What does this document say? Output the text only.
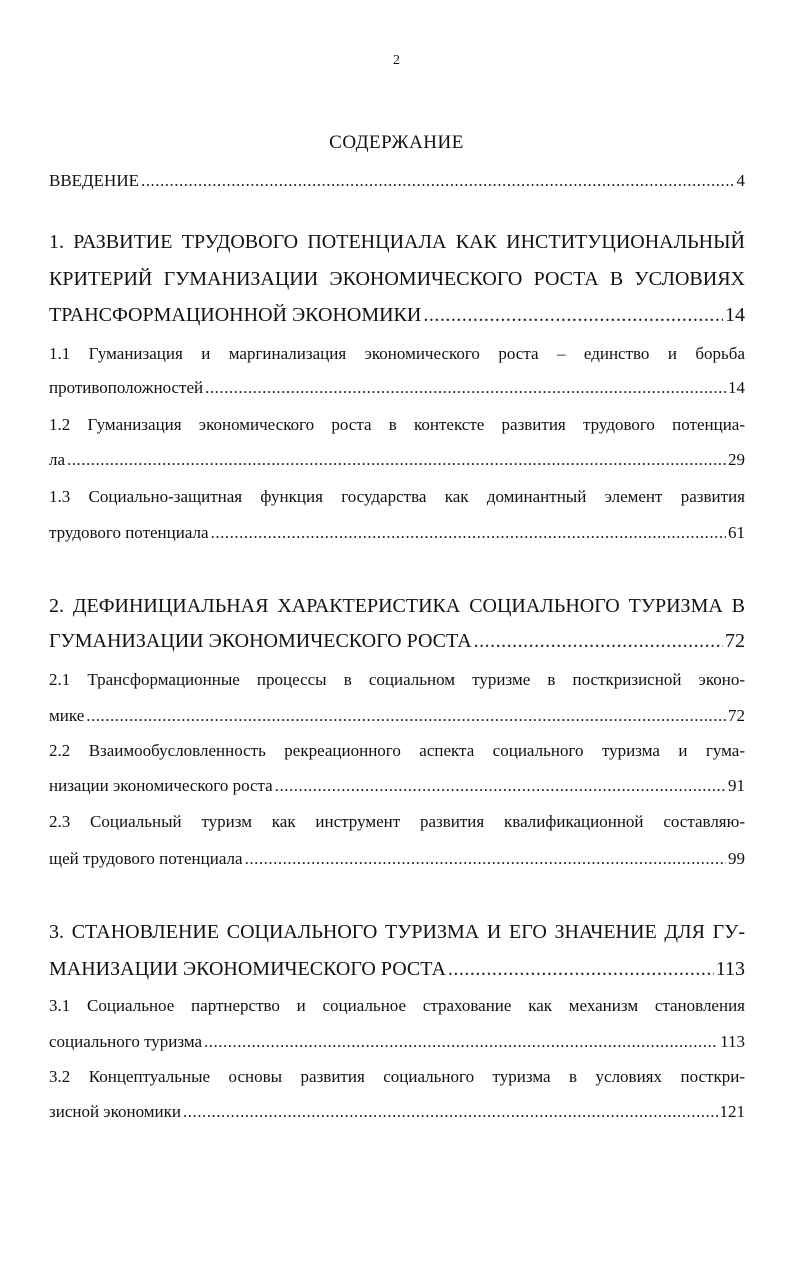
2
СОДЕРЖАНИЕ
ВВЕДЕНИЕ .....	4
1. РАЗВИТИЕ ТРУДОВОГО ПОТЕНЦИАЛА КАК ИНСТИТУЦИОНАЛЬНЫЙ
КРИТЕРИЙ ГУМАНИЗАЦИИ ЭКОНОМИЧЕСКОГО РОСТА В УСЛОВИЯХ
ТРАНСФОРМАЦИОННОЙ ЭКОНОМИКИ .....	14
1.1 Гуманизация и маргинализация экономического роста – единство и борьба
противоположностей .....	14
1.2 Гуманизация экономического роста в контексте развития трудового потенциа-
ла .....	29
1.3 Социально-защитная функция государства как доминантный элемент развития
трудового потенциала .....	61
2. ДЕФИНИЦИАЛЬНАЯ ХАРАКТЕРИСТИКА СОЦИАЛЬНОГО ТУРИЗМА В
ГУМАНИЗАЦИИ ЭКОНОМИЧЕСКОГО РОСТА .....	72
2.1 Трансформационные процессы в социальном туризме в посткризисной эконо-
мике .....	72
2.2 Взаимообусловленность рекреационного аспекта социального туризма и гума-
низации экономического роста .....	91
2.3 Социальный туризм как инструмент развития квалификационной составляю-
щей трудового потенциала .....	99
3. СТАНОВЛЕНИЕ СОЦИАЛЬНОГО ТУРИЗМА И ЕГО ЗНАЧЕНИЕ ДЛЯ ГУ-
МАНИЗАЦИИ ЭКОНОМИЧЕСКОГО РОСТА .....	113
3.1 Социальное партнерство и социальное страхование как механизм становления
социального туризма .....	113
3.2 Концептуальные основы развития социального туризма в условиях посткри-
зисной экономики .....	121
